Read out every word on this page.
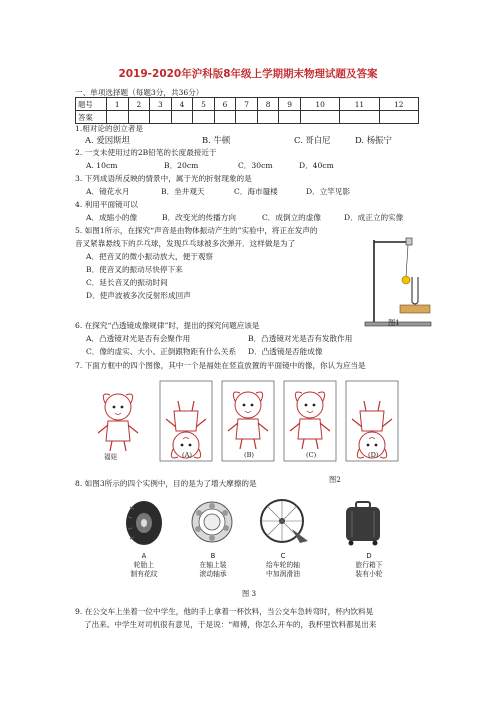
2019-2020年沪科版8年级上学期期末物理试题及答案
一、单项选择题（每题3分，共36分）
题号	1	2	3	4	5	6	7	8	9	10	11	12
答案												
1.相对论的创立者是
A. 爱因斯坦	B. 牛顿	C. 哥白尼	D. 杨振宁
2. 一支未使用过的2B铅笔的长度最接近于
A. 10cm	B．20cm	C．30cm	D．40cm
3. 下列成语所反映的情景中，属于光的折射现象的是
A．镜花水月	B．坐井观天	C．海市蜃楼	D．立竿见影
4. 利用平面镜可以
A．成缩小的像	B．改变光的传播方向	C．成倒立的虚像	D．成正立的实像
5. 如图1所示，在探究“声音是由物体振动产生的”实验中，将正在发声的
音叉紧靠悬线下的乒乓球，发现乒乓球被多次弹开．这样做是为了
A．把音叉的微小振动放大，便于观察
B．使音叉的振动尽快停下来
C．延长音叉的振动时间
D．使声波被多次反射形成回声
图1
6. 在探究“凸透镜成像规律”时，提出的探究问题应该是
A．凸透镜对光是否有会聚作用	B．凸透镜对光是否有发散作用
C．像的虚实、大小、正倒跟物距有什么关系 D．凸透镜是否能成像
7. 下面方框中的四个图像，其中一个是福娃在竖直放置的平面镜中的像，你认为应当是
福娃	(A)	(B)	(C)	(D)
图2
8. 如图3所示的四个实例中，目的是为了增大摩擦的是
A
轮胎上
制有花纹
B
在轴上装
滚动轴承
C
给车轮的轴
中加润滑油
D
旅行箱下
装有小轮
图 3
9. 在公交车上坐着一位中学生，他的手上拿着一杯饮料，当公交车急转弯时，杯内饮料晃
了出来。中学生对司机很有意见，于是说：“师傅，你怎么开车的，我杯里饮料都晃出来
